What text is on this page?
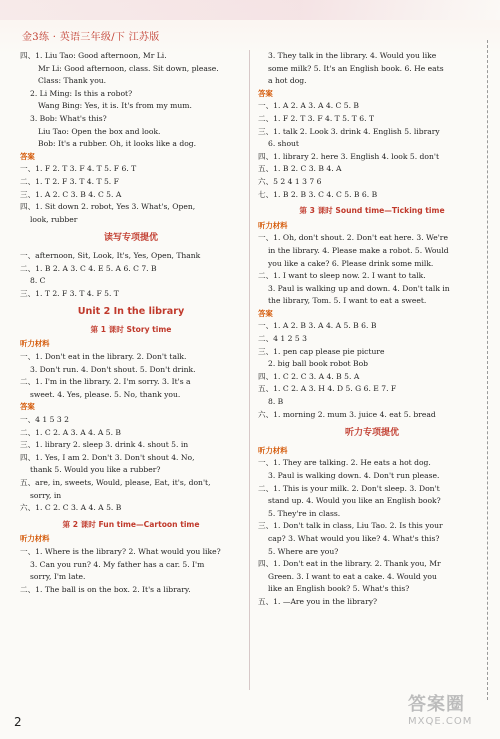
金3练 · 英语三年级/下 江苏版
四、1. Liu Tao: Good afternoon, Mr Li.
Mr Li: Good afternoon, class. Sit down, please.
Class: Thank you.
2. Li Ming: Is this a robot?
Wang Bing: Yes, it is. It's from my mum.
3. Bob: What's this?
Liu Tao: Open the box and look.
Bob: It's a rubber. Oh, it looks like a dog.
答案
一、1. F 2. T 3. F 4. T 5. F 6. T
二、1. T 2. F 3. T 4. T 5. F
三、1. A 2. C 3. B 4. C 5. A
四、1. Sit down 2. robot, Yes 3. What's, Open,
look, rubber
读写专项提优
一、afternoon, Sit, Look, It's, Yes, Open, Thank
二、1. B 2. A 3. C 4. E 5. A 6. C 7. B
8. C
三、1. T 2. F 3. T 4. F 5. T
Unit 2 In the library
第 1 课时 Story time
听力材料
一、1. Don't eat in the library. 2. Don't talk.
3. Don't run. 4. Don't shout. 5. Don't drink.
二、1. I'm in the library. 2. I'm sorry. 3. It's a
sweet. 4. Yes, please. 5. No, thank you.
答案
一、4 1 5 3 2
二、1. C 2. A 3. A 4. A 5. B
三、1. library 2. sleep 3. drink 4. shout 5. in
四、1. Yes, I am 2. Don't 3. Don't shout 4. No,
thank 5. Would you like a rubber?
五、are, in, sweets, Would, please, Eat, it's, don't,
sorry, in
六、1. C 2. C 3. A 4. A 5. B
第 2 课时 Fun time—Cartoon time
听力材料
一、1. Where is the library? 2. What would you like?
3. Can you run? 4. My father has a car. 5. I'm
sorry, I'm late.
二、1. The ball is on the box. 2. It's a library.
3. They talk in the library. 4. Would you like
some milk? 5. It's an English book. 6. He eats
a hot dog.
答案
一、1. A 2. A 3. A 4. C 5. B
二、1. F 2. T 3. F 4. T 5. T 6. T
三、1. talk 2. Look 3. drink 4. English 5. library
6. shout
四、1. library 2. here 3. English 4. look 5. don't
五、1. B 2. C 3. B 4. A
六、5 2 4 1 3 7 6
七、1. B 2. B 3. C 4. C 5. B 6. B
第 3 课时 Sound time—Ticking time
听力材料
一、1. Oh, don't shout. 2. Don't eat here. 3. We're
in the library. 4. Please make a robot. 5. Would
you like a cake? 6. Please drink some milk.
二、1. I want to sleep now. 2. I want to talk.
3. Paul is walking up and down. 4. Don't talk in
the library, Tom. 5. I want to eat a sweet.
答案
一、1. A 2. B 3. A 4. A 5. B 6. B
二、4 1 2 5 3
三、1. pen cap please pie picture
2. big ball book robot Bob
四、1. C 2. C 3. A 4. B 5. A
五、1. C 2. A 3. H 4. D 5. G 6. E 7. F
8. B
六、1. morning 2. mum 3. juice 4. eat 5. bread
听力专项提优
听力材料
一、1. They are talking. 2. He eats a hot dog.
3. Paul is walking down. 4. Don't run please.
二、1. This is your milk. 2. Don't sleep. 3. Don't
stand up. 4. Would you like an English book?
5. They're in class.
三、1. Don't talk in class, Liu Tao. 2. Is this your
cap? 3. What would you like? 4. What's this?
5. Where are you?
四、1. Don't eat in the library. 2. Thank you, Mr
Green. 3. I want to eat a cake. 4. Would you
like an English book? 5. What's this?
五、1. —Are you in the library?
2
答案圈
MXQE.COM
